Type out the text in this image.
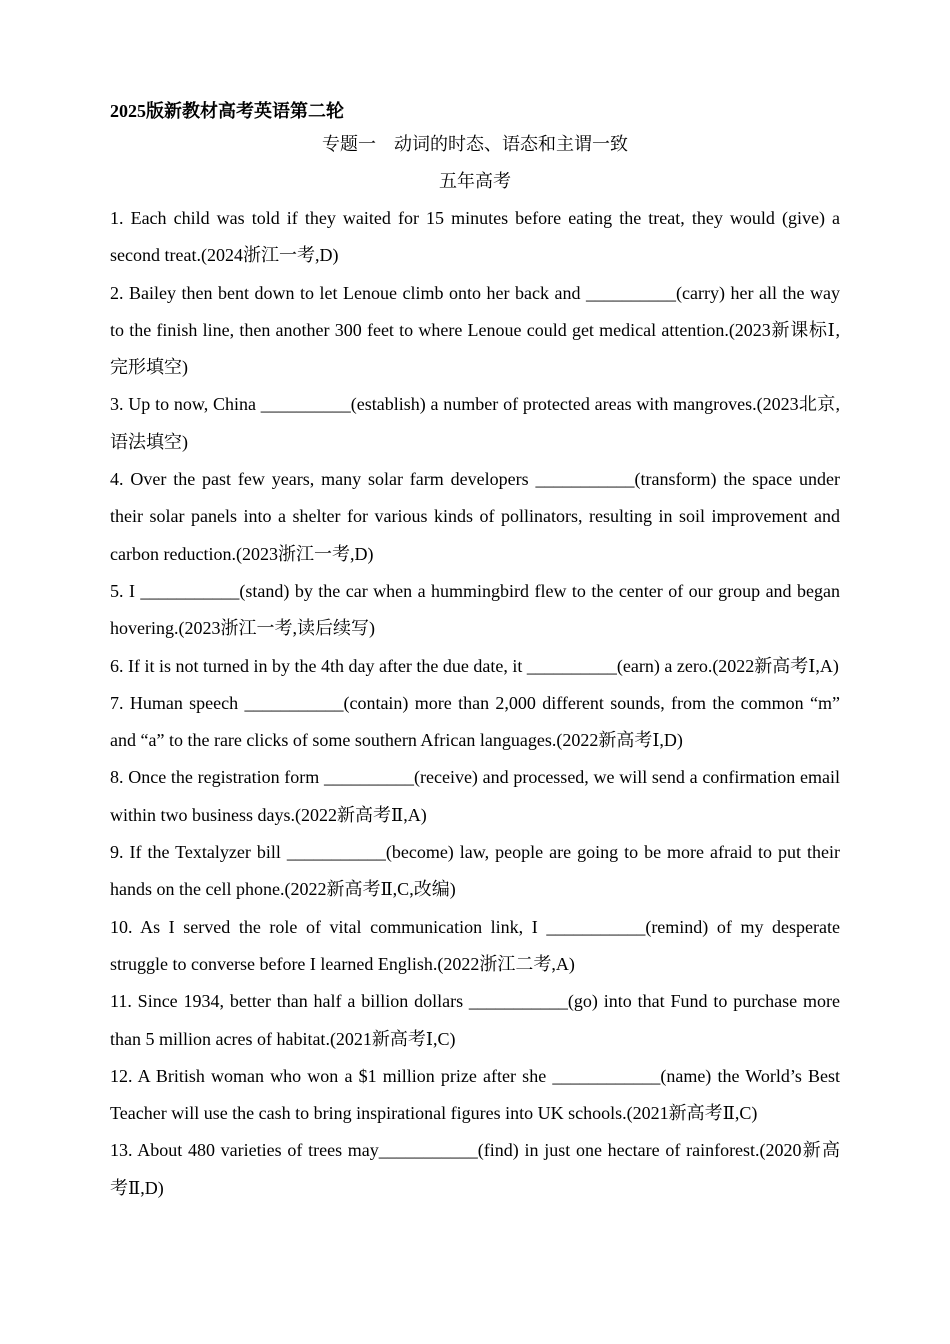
2025版新教材高考英语第二轮
专题一　动词的时态、语态和主谓一致
五年高考

1. Each child was told if they waited for 15 minutes before eating the treat, they would (give) a second treat.(2024浙江一考,D)

2. Bailey then bent down to let Lenoue climb onto her back and __________(carry) her all the way to the finish line, then another 300 feet to where Lenoue could get medical attention.(2023新课标Ⅰ,完形填空)

3. Up to now, China __________(establish) a number of protected areas with mangroves.(2023北京,语法填空)

4. Over the past few years, many solar farm developers ___________(transform) the space under their solar panels into a shelter for various kinds of pollinators, resulting in soil improvement and carbon reduction.(2023浙江一考,D)

5. I ___________(stand) by the car when a hummingbird flew to the center of our group and began hovering.(2023浙江一考,读后续写)

6. If it is not turned in by the 4th day after the due date, it __________(earn) a zero.(2022新高考Ⅰ,A)

7. Human speech ___________(contain) more than 2,000 different sounds, from the common “m” and “a” to the rare clicks of some southern African languages.(2022新高考Ⅰ,D)

8. Once the registration form __________(receive) and processed, we will send a confirmation email within two business days.(2022新高考Ⅱ,A)

9. If the Textalyzer bill ___________(become) law, people are going to be more afraid to put their hands on the cell phone.(2022新高考Ⅱ,C,改编)

10. As I served the role of vital communication link, I ___________(remind) of my desperate struggle to converse before I learned English.(2022浙江二考,A)

11. Since 1934, better than half a billion dollars ___________(go) into that Fund to purchase more than 5 million acres of habitat.(2021新高考Ⅰ,C)

12. A British woman who won a $1 million prize after she ____________(name) the World’s Best Teacher will use the cash to bring inspirational figures into UK schools.(2021新高考Ⅱ,C)

13. About 480 varieties of trees may___________(find) in just one hectare of rainforest.(2020新高考Ⅱ,D)
